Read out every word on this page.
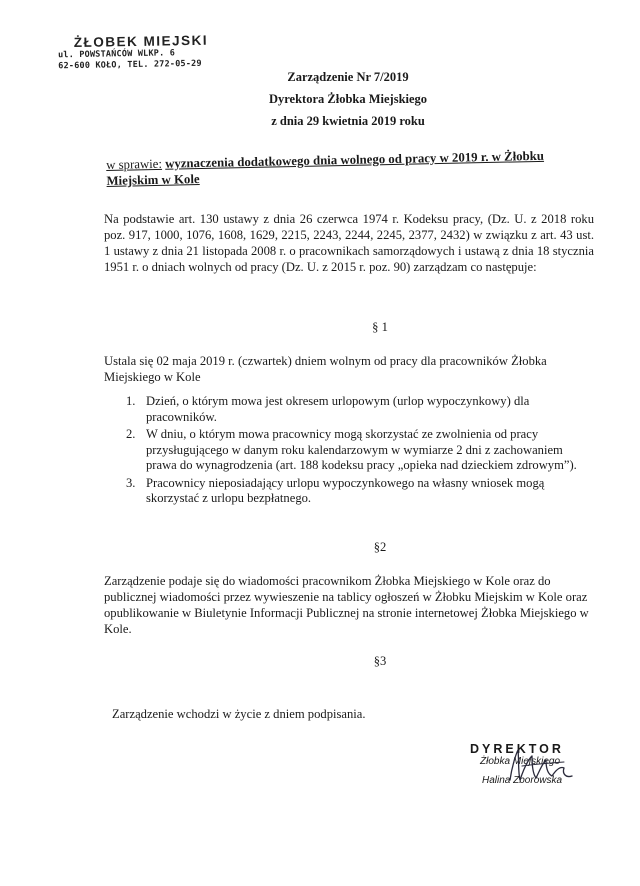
ŻŁOBEK MIEJSKI
ul. POWSTAŃCÓW WLKP. 6
62-600 KOŁO, TEL. 272-05-29
Zarządzenie Nr 7/2019
Dyrektora Żłobka Miejskiego
z dnia 29 kwietnia 2019 roku
w sprawie: wyznaczenia dodatkowego dnia wolnego od pracy w 2019 r. w Żłobku Miejskim w Kole
Na podstawie art. 130 ustawy z dnia 26 czerwca 1974 r. Kodeksu pracy, (Dz. U. z 2018 roku poz. 917, 1000, 1076, 1608, 1629, 2215, 2243, 2244, 2245, 2377, 2432) w związku z art. 43 ust. 1 ustawy z dnia 21 listopada 2008 r. o pracownikach samorządowych i ustawą z dnia 18 stycznia 1951 r. o dniach wolnych od pracy (Dz. U. z 2015 r. poz. 90) zarządzam co następuje:
§ 1
Ustala się 02 maja 2019 r. (czwartek) dniem wolnym od pracy dla pracowników Żłobka Miejskiego w Kole
1. Dzień, o którym mowa jest okresem urlopowym (urlop wypoczynkowy) dla pracowników.
2. W dniu, o którym mowa pracownicy mogą skorzystać ze zwolnienia od pracy przysługującego w danym roku kalendarzowym w wymiarze 2 dni z zachowaniem prawa do wynagrodzenia (art. 188 kodeksu pracy „opieka nad dzieckiem zdrowym”).
3. Pracownicy nieposiadający urlopu wypoczynkowego na własny wniosek mogą skorzystać z urlopu bezpłatnego.
§2
Zarządzenie podaje się do wiadomości pracownikom Żłobka Miejskiego w Kole oraz do publicznej wiadomości przez wywieszenie na tablicy ogłoszeń w Żłobku Miejskim w Kole oraz opublikowanie w Biuletynie Informacji Publicznej na stronie internetowej Żłobka Miejskiego w Kole.
§3
Zarządzenie wchodzi w życie z dniem podpisania.
DYREKTOR
Żłobka Miejskiego
Halina Zborowska
